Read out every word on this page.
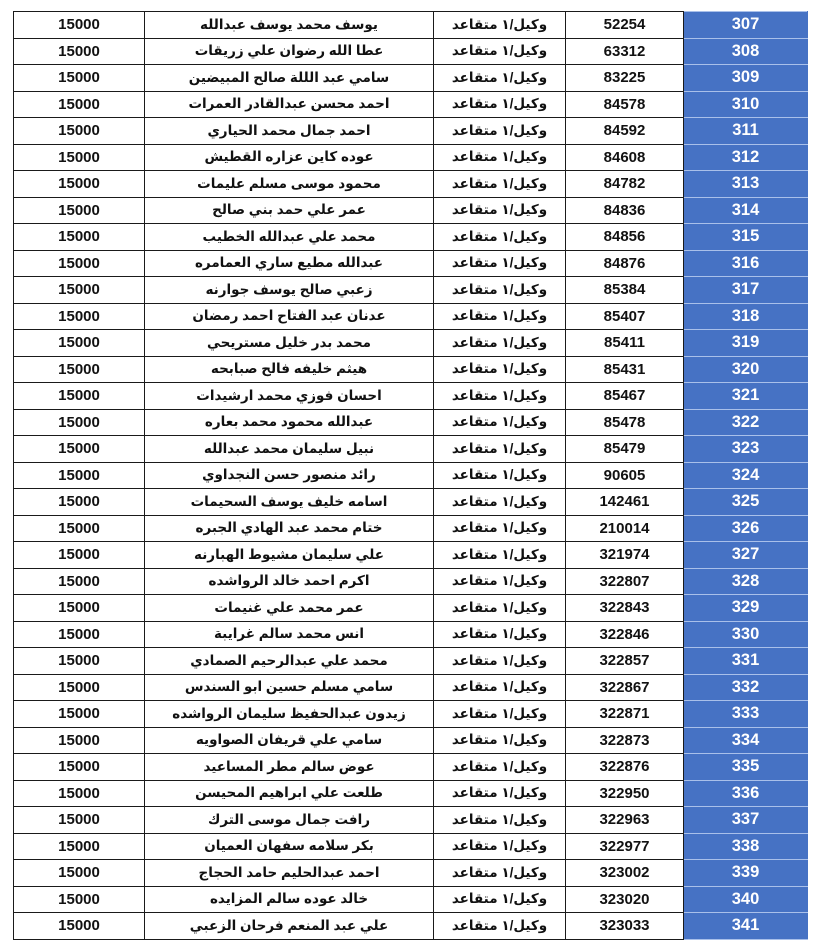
15000	يوسف محمد يوسف عبدالله	وكيل/١ متقاعد	52254	307
15000	عطا الله رضوان علي زريقات	وكيل/١ متقاعد	63312	308
15000	سامي عبد الللة صالح المبيضين	وكيل/١ متقاعد	83225	309
15000	احمد محسن عبدالقادر العمرات	وكيل/١ متقاعد	84578	310
15000	احمد جمال محمد الحياري	وكيل/١ متقاعد	84592	311
15000	عوده كاين عزاره القطيش	وكيل/١ متقاعد	84608	312
15000	محمود موسى مسلم عليمات	وكيل/١ متقاعد	84782	313
15000	عمر علي حمد بني صالح	وكيل/١ متقاعد	84836	314
15000	محمد علي عبدالله الخطيب	وكيل/١ متقاعد	84856	315
15000	عبدالله مطيع ساري العمامره	وكيل/١ متقاعد	84876	316
15000	زعبي صالح يوسف جوارنه	وكيل/١ متقاعد	85384	317
15000	عدنان عبد الفتاح احمد رمضان	وكيل/١ متقاعد	85407	318
15000	محمد بدر خليل مستريحي	وكيل/١ متقاعد	85411	319
15000	هيثم خليفه فالح صبابحه	وكيل/١ متقاعد	85431	320
15000	احسان فوزي محمد ارشيدات	وكيل/١ متقاعد	85467	321
15000	عبدالله محمود محمد بعاره	وكيل/١ متقاعد	85478	322
15000	نبيل سليمان محمد عبدالله	وكيل/١ متقاعد	85479	323
15000	رائد منصور حسن النجداوي	وكيل/١ متقاعد	90605	324
15000	اسامه خليف يوسف السحيمات	وكيل/١ متقاعد	142461	325
15000	ختام محمد عبد الهادي الجبره	وكيل/١ متقاعد	210014	326
15000	علي سليمان مشيوط الهبارنه	وكيل/١ متقاعد	321974	327
15000	اكرم احمد خالد الرواشده	وكيل/١ متقاعد	322807	328
15000	عمر محمد علي غنيمات	وكيل/١ متقاعد	322843	329
15000	انس محمد سالم غرايبة	وكيل/١ متقاعد	322846	330
15000	محمد علي عبدالرحيم الصمادي	وكيل/١ متقاعد	322857	331
15000	سامي مسلم حسين ابو السندس	وكيل/١ متقاعد	322867	332
15000	زيدون عبدالحفيظ سليمان الرواشده	وكيل/١ متقاعد	322871	333
15000	سامي علي قريفان الصواويه	وكيل/١ متقاعد	322873	334
15000	عوض سالم مطر المساعيد	وكيل/١ متقاعد	322876	335
15000	طلعت علي ابراهيم المحيسن	وكيل/١ متقاعد	322950	336
15000	رافت جمال موسى الترك	وكيل/١ متقاعد	322963	337
15000	بكر سلامه سفهان العميان	وكيل/١ متقاعد	322977	338
15000	احمد عبدالحليم حامد الحجاج	وكيل/١ متقاعد	323002	339
15000	خالد عوده سالم المزايده	وكيل/١ متقاعد	323020	340
15000	علي عبد المنعم فرحان الزعبي	وكيل/١ متقاعد	323033	341
